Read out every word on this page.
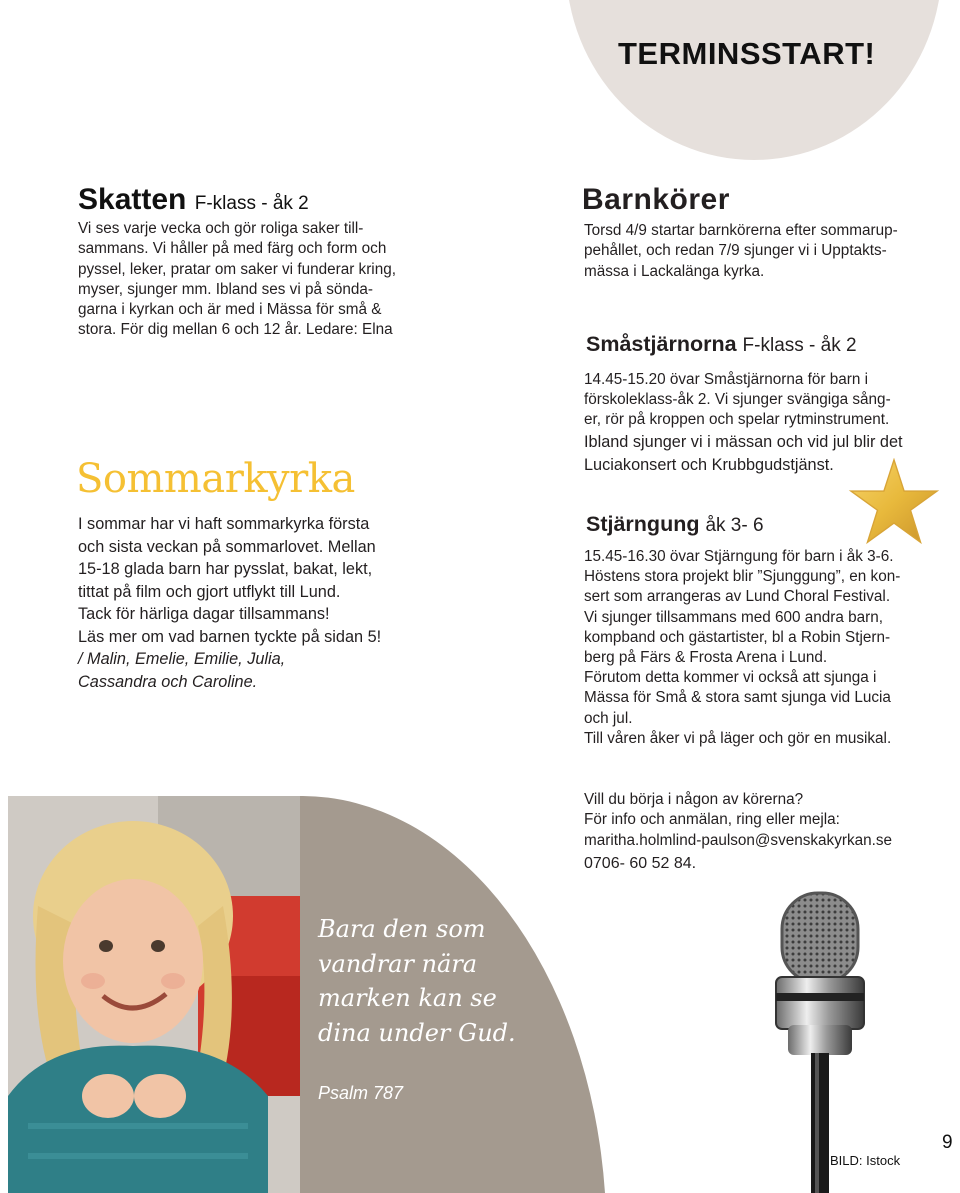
TERMINSSTART!
Skatten F-klass - åk 2
Vi ses varje vecka och gör roliga saker till-
sammans. Vi håller på med färg och form och
pyssel, leker, pratar om saker vi funderar kring,
myser, sjunger mm. Ibland ses vi på sönda-
garna i kyrkan och är med i Mässa för små &
stora. För dig mellan 6 och 12 år. Ledare: Elna
Sommarkyrka
I sommar har vi haft sommarkyrka första
och sista veckan på sommarlovet. Mellan
15-18 glada barn har pysslat, bakat, lekt,
tittat på film och gjort utflykt till Lund.
Tack för härliga dagar tillsammans!
Läs mer om vad barnen tyckte på sidan 5!
/ Malin, Emelie, Emilie, Julia,
Cassandra och Caroline.
Barnkörer
Torsd 4/9 startar barnkörerna efter sommarup-
pehållet, och redan 7/9 sjunger vi i Upptakts-
mässa i Lackalänga kyrka.
Småstjärnorna F-klass - åk 2
14.45-15.20 övar Småstjärnorna för barn i
förskoleklass-åk 2. Vi sjunger svängiga sång-
er, rör på kroppen och spelar rytminstrument.
Ibland sjunger vi i mässan och vid jul blir det
Luciakonsert och Krubbgudstjänst.
Stjärngung åk 3- 6
15.45-16.30 övar Stjärngung för barn i åk 3-6.
Höstens stora projekt blir ”Sjunggung”, en kon-
sert som arrangeras av Lund Choral Festival.
Vi sjunger tillsammans med 600 andra barn,
kompband och gästartister, bl a Robin Stjern-
berg på Färs & Frosta Arena i Lund.
Förutom detta kommer vi också att sjunga i
Mässa för Små & stora samt sjunga vid Lucia
och jul.
Till våren åker vi på läger och gör en musikal.
Vill du börja i någon av körerna?
För info och anmälan, ring eller mejla:
maritha.holmlind-paulson@svenskakyrkan.se
0706- 60 52 84.
Bara den som
vandrar nära
marken kan se
dina under Gud.
Psalm 787
BILD: Istock
9
